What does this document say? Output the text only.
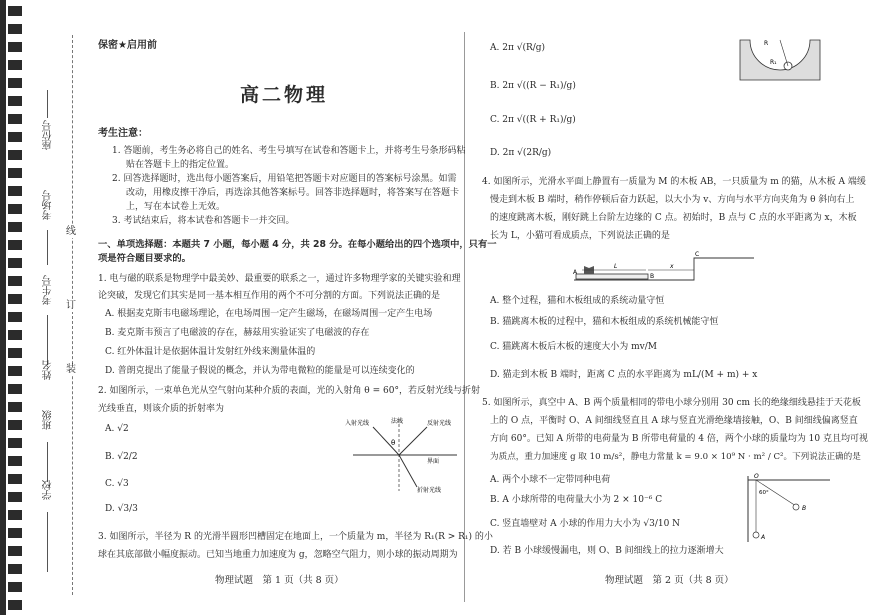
座位号
考场号
考生号
姓名
班级
学校
线
订
装
保密★启用前
高二物理
考生注意：
1. 答题前，考生务必将自己的姓名、考生号填写在试卷和答题卡上，并将考生号条形码粘
贴在答题卡上的指定位置。
2. 回答选择题时，选出每小题答案后，用铅笔把答题卡对应题目的答案标号涂黑。如需
改动，用橡皮擦干净后，再选涂其他答案标号。回答非选择题时，将答案写在答题卡
上，写在本试卷上无效。
3. 考试结束后，将本试卷和答题卡一并交回。
一、单项选择题：本题共 7 小题，每小题 4 分，共 28 分。在每小题给出的四个选项中，只有一
项是符合题目要求的。
1. 电与磁的联系是物理学中最美妙、最重要的联系之一，通过许多物理学家的关键实验和理
论突破，发现它们其实是同一基本相互作用的两个不可分割的方面。下列说法正确的是
A. 根据麦克斯韦电磁场理论，在电场周围一定产生磁场，在磁场周围一定产生电场
B. 麦克斯韦预言了电磁波的存在，赫兹用实验证实了电磁波的存在
C. 红外体温计是依据体温计发射红外线来测量体温的
D. 普朗克提出了能量子假说的概念，并认为带电微粒的能量是可以连续变化的
2. 如图所示，一束单色光从空气射向某种介质的表面，光的入射角 θ = 60°，若反射光线与折射
光线垂直，则该介质的折射率为
A. √2
B. √2/2
C. √3
D. √3/3
入射光线	法线	反射光线
界面
折射光线
θ
3. 如图所示，半径为 R 的光滑半圆形凹槽固定在地面上，一个质量为 m，半径为 R₁(R > R₁) 的小
球在其底部做小幅度振动。已知当地重力加速度为 g，忽略空气阻力，则小球的振动周期为
物理试题　第 1 页（共 8 页）
A. 2π √(R/g)
B. 2π √((R − R₁)/g)
C. 2π √((R + R₁)/g)
D. 2π √(2R/g)
R
R₁
4. 如图所示，光滑水平面上静置有一质量为 M 的木板 AB，一只质量为 m 的猫，从木板 A 端缓
慢走到木板 B 端时，稍作停顿后奋力跃起，以大小为 v、方向与水平方向夹角为 θ 斜向右上
的速度跳离木板，刚好跳上台阶左边缘的 C 点。初始时，B 点与 C 点的水平距离为 x，木板
长为 L，小猫可看成质点，下列说法正确的是
A
B
C
L	x
A. 整个过程，猫和木板组成的系统动量守恒
B. 猫跳离木板的过程中，猫和木板组成的系统机械能守恒
C. 猫跳离木板后木板的速度大小为 mv/M
D. 猫走到木板 B 端时，距离 C 点的水平距离为 mL/(M + m) + x
5. 如图所示，真空中 A、B 两个质量相同的带电小球分别用 30 cm 长的绝缘细线悬挂于天花板
上的 O 点，平衡时 O、A 间细线竖直且 A 球与竖直光滑绝缘墙接触，O、B 间细线偏离竖直
方向 60°。已知 A 所带的电荷量为 B 所带电荷量的 4 倍，两个小球的质量均为 10 克且均可视
为质点，重力加速度 g 取 10 m/s²，静电力常量 k = 9.0 × 10⁹ N · m² / C²。下列说法正确的是
A. 两个小球不一定带同种电荷
B. A 小球所带的电荷量大小为 2 × 10⁻⁶ C
C. 竖直墙壁对 A 小球的作用力大小为 √3/10 N
D. 若 B 小球缓慢漏电，则 O、B 间细线上的拉力逐渐增大
O
A
B
60°
物理试题　第 2 页（共 8 页）
